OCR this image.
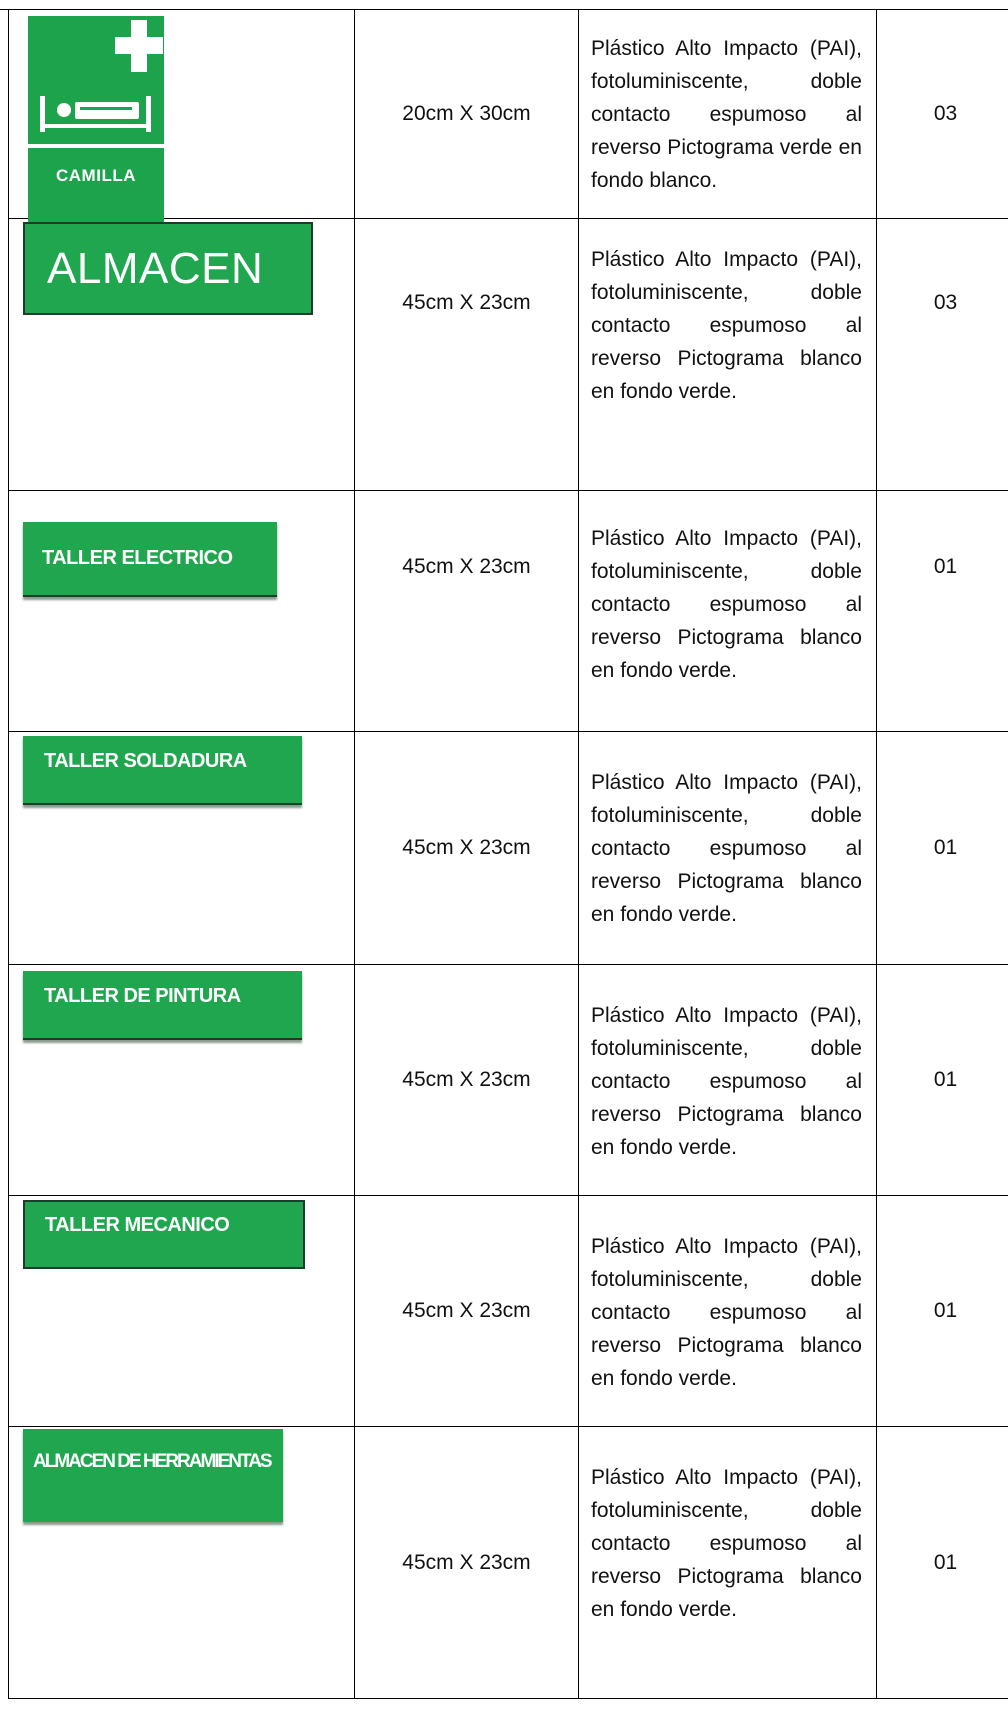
CAMILLA	20cm X 30cm	Plástico Alto Impacto (PAI), fotoluminiscente, doble contacto espumoso al reverso Pictograma verde en fondo blanco.	03

ALMACEN	45cm X 23cm	Plástico Alto Impacto (PAI), fotoluminiscente, doble contacto espumoso al reverso Pictograma blanco en fondo verde.	03

TALLER ELECTRICO	45cm X 23cm	Plástico Alto Impacto (PAI), fotoluminiscente, doble contacto espumoso al reverso Pictograma blanco en fondo verde.	01

TALLER SOLDADURA	45cm X 23cm	Plástico Alto Impacto (PAI), fotoluminiscente, doble contacto espumoso al reverso Pictograma blanco en fondo verde.	01

TALLER DE PINTURA	45cm X 23cm	Plástico Alto Impacto (PAI), fotoluminiscente, doble contacto espumoso al reverso Pictograma blanco en fondo verde.	01

TALLER MECANICO	45cm X 23cm	Plástico Alto Impacto (PAI), fotoluminiscente, doble contacto espumoso al reverso Pictograma blanco en fondo verde.	01

ALMACEN DE HERRAMIENTAS	45cm X 23cm	Plástico Alto Impacto (PAI), fotoluminiscente, doble contacto espumoso al reverso Pictograma blanco en fondo verde.	01
